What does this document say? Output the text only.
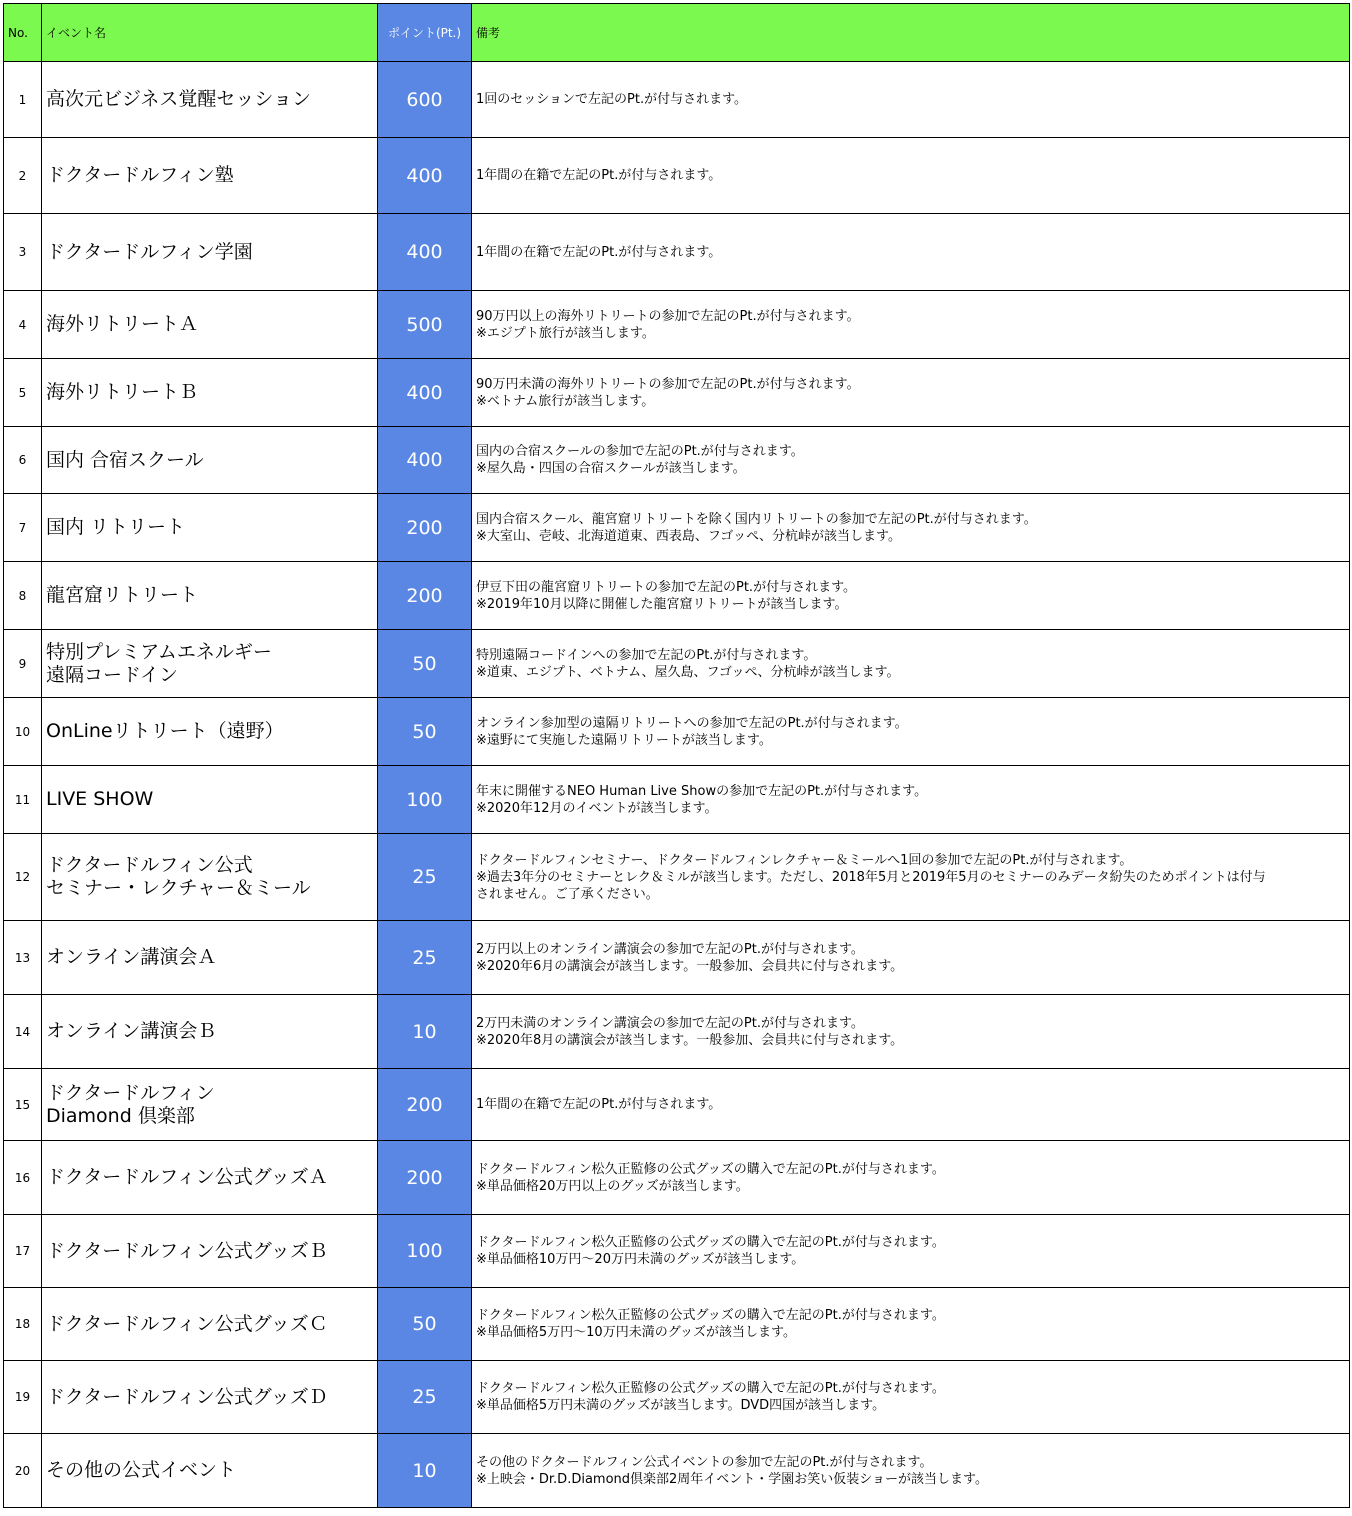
No.	イベント名	ポイント(Pt.)	備考
1	高次元ビジネス覚醒セッション	600	1回のセッションで左記のPt.が付与されます。

2	ドクタードルフィン塾	400	1年間の在籍で左記のPt.が付与されます。

3	ドクタードルフィン学園	400	1年間の在籍で左記のPt.が付与されます。

4	海外リトリートＡ	500	90万円以上の海外リトリートの参加で左記のPt.が付与されます。
※エジプト旅行が該当します。

5	海外リトリートＢ	400	90万円未満の海外リトリートの参加で左記のPt.が付与されます。
※ベトナム旅行が該当します。

6	国内 合宿スクール	400	国内の合宿スクールの参加で左記のPt.が付与されます。
※屋久島・四国の合宿スクールが該当します。

7	国内 リトリート	200	国内合宿スクール、龍宮窟リトリートを除く国内リトリートの参加で左記のPt.が付与されます。
※大室山、壱岐、北海道道東、西表島、フゴッペ、分杭峠が該当します。

8	龍宮窟リトリート	200	伊豆下田の龍宮窟リトリートの参加で左記のPt.が付与されます。
※2019年10月以降に開催した龍宮窟リトリートが該当します。

9	特別プレミアムエネルギー
遠隔コードイン	50	特別遠隔コードインへの参加で左記のPt.が付与されます。
※道東、エジプト、ベトナム、屋久島、フゴッペ、分杭峠が該当します。

10	OnLineリトリート（遠野）	50	オンライン参加型の遠隔リトリートへの参加で左記のPt.が付与されます。
※遠野にて実施した遠隔リトリートが該当します。

11	LIVE SHOW	100	年末に開催するNEO Human Live Showの参加で左記のPt.が付与されます。
※2020年12月のイベントが該当します。

12	ドクタードルフィン公式
セミナー・レクチャー＆ミール	25	ドクタードルフィンセミナー、ドクタードルフィンレクチャー＆ミールへ1回の参加で左記のPt.が付与されます。
※過去3年分のセミナーとレク＆ミルが該当します。ただし、2018年5月と2019年5月のセミナーのみデータ紛失のためポイントは付与
されません。ご了承ください。

13	オンライン講演会Ａ	25	2万円以上のオンライン講演会の参加で左記のPt.が付与されます。
※2020年6月の講演会が該当します。一般参加、会員共に付与されます。

14	オンライン講演会Ｂ	10	2万円未満のオンライン講演会の参加で左記のPt.が付与されます。
※2020年8月の講演会が該当します。一般参加、会員共に付与されます。

15	ドクタードルフィン
Diamond 倶楽部	200	1年間の在籍で左記のPt.が付与されます。

16	ドクタードルフィン公式グッズＡ	200	ドクタードルフィン松久正監修の公式グッズの購入で左記のPt.が付与されます。
※単品価格20万円以上のグッズが該当します。

17	ドクタードルフィン公式グッズＢ	100	ドクタードルフィン松久正監修の公式グッズの購入で左記のPt.が付与されます。
※単品価格10万円～20万円未満のグッズが該当します。

18	ドクタードルフィン公式グッズＣ	50	ドクタードルフィン松久正監修の公式グッズの購入で左記のPt.が付与されます。
※単品価格5万円～10万円未満のグッズが該当します。

19	ドクタードルフィン公式グッズＤ	25	ドクタードルフィン松久正監修の公式グッズの購入で左記のPt.が付与されます。
※単品価格5万円未満のグッズが該当します。DVD四国が該当します。

20	その他の公式イベント	10	その他のドクタードルフィン公式イベントの参加で左記のPt.が付与されます。
※上映会・Dr.D.Diamond倶楽部2周年イベント・学園お笑い仮装ショーが該当します。
